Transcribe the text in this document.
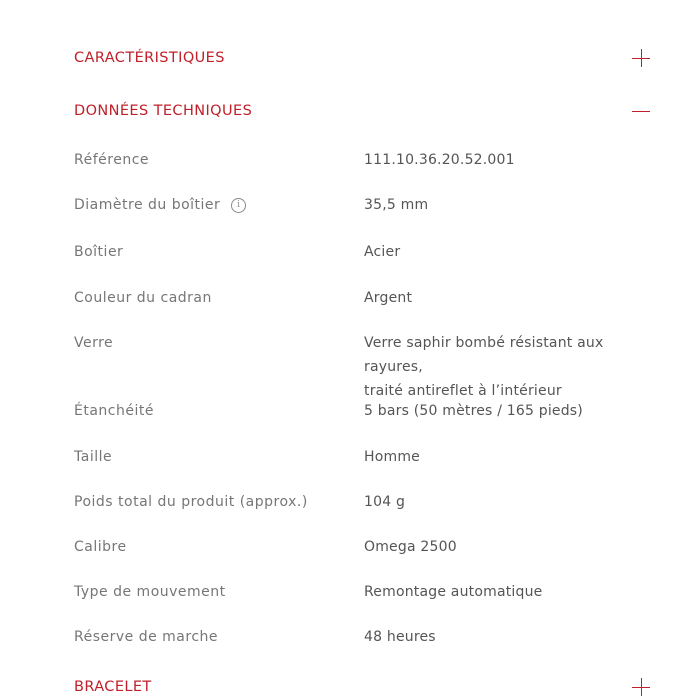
CARACTÉRISTIQUES
DONNÉES TECHNIQUES
Référence	111.10.36.20.52.001
Diamètre du boîtier	i	35,5 mm
Boîtier	Acier
Couleur du cadran	Argent
Verre	Verre saphir bombé résistant aux rayures,
traité antireflet à l’intérieur
Étanchéité	5 bars (50 mètres / 165 pieds)
Taille	Homme
Poids total du produit (approx.)	104 g
Calibre	Omega 2500
Type de mouvement	Remontage automatique
Réserve de marche	48 heures
BRACELET
